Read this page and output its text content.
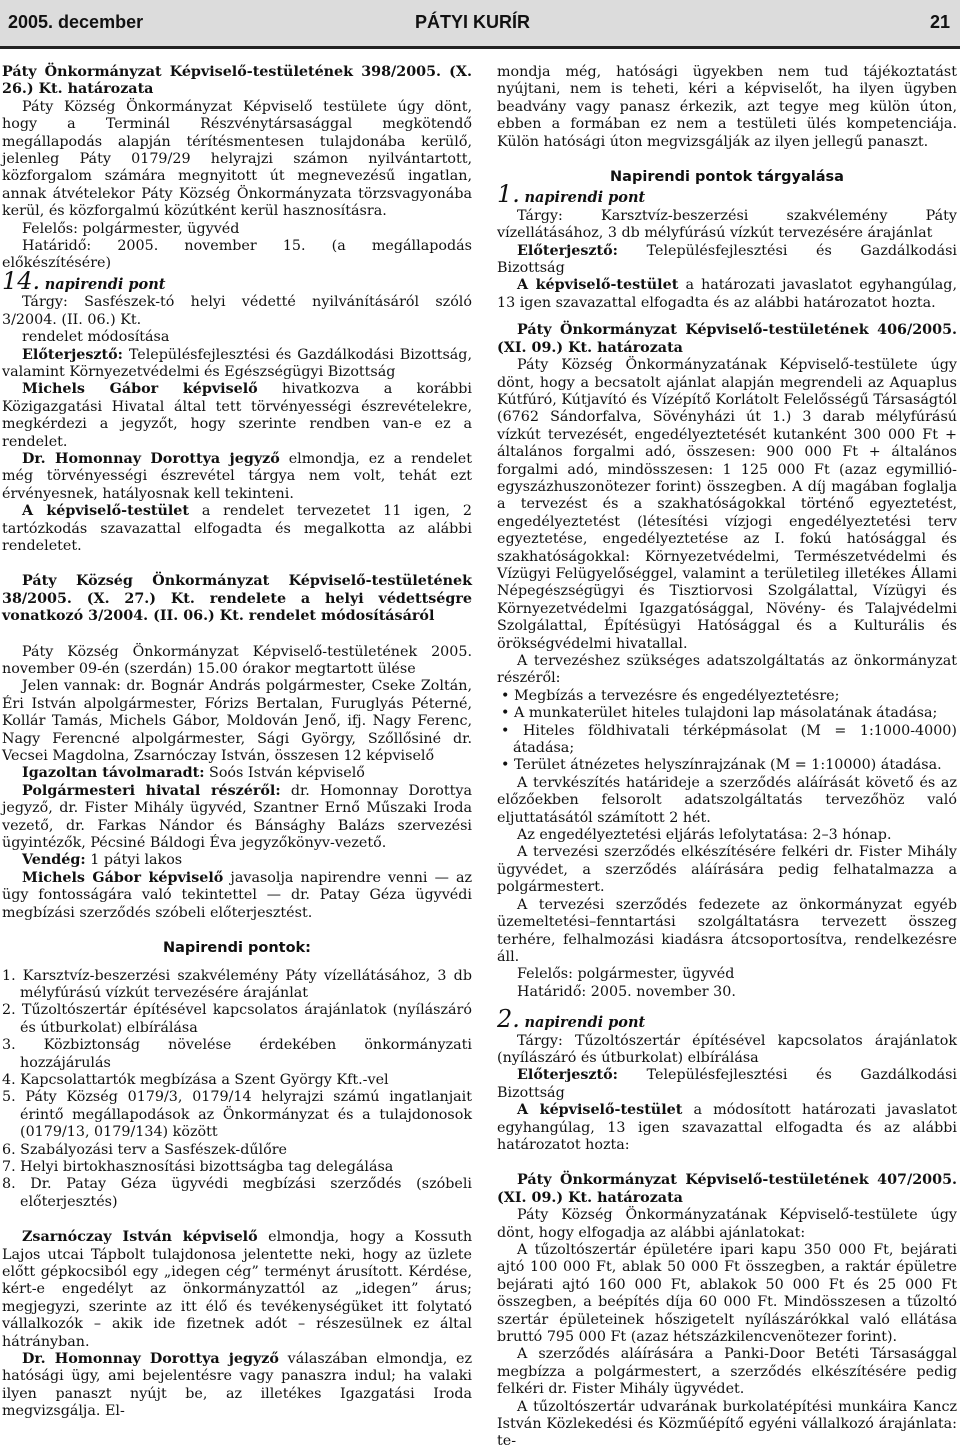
2005. december	PÁTYI KURÍR	21

Páty Önkormányzat Képviselő-testületének 398/2005. (X. 26.) Kt. határozata

Páty Község Önkormányzat Képviselő testülete úgy dönt, hogy a Terminál Részvénytársasággal megkötendő megállapodás alapján térítésmentesen tulajdonába kerülő, jelenleg Páty 0179/29 helyrajzi számon nyilvántartott, közforgalom számára megnyitott út megnevezésű ingatlan, annak átvételekor Páty Község Önkormányzata törzsvagyonába kerül, és közforgalmú közútként kerül hasznosításra.

Felelős: polgármester, ügyvéd

Határidő: 2005. november 15. (a megállapodás előkészítésére)

14. napirendi pont

Tárgy: Sasfészek-tó helyi védetté nyilvánításáról szóló 3/2004. (II. 06.) Kt.

rendelet módosítása

Előterjesztő: Településfejlesztési és Gazdálkodási Bizottság, valamint Környezetvédelmi és Egészségügyi Bizottság

Michels Gábor képviselő hivatkozva a korábbi Közigazgatási Hivatal által tett törvényességi észrevételekre, megkérdezi a jegyzőt, hogy szerinte rendben van-e ez a rendelet.

Dr. Homonnay Dorottya jegyző elmondja, ez a rendelet még törvényességi észrevétel tárgya nem volt, tehát ezt érvényesnek, hatályosnak kell tekinteni.

A képviselő-testület a rendelet tervezetet 11 igen, 2 tartózkodás szavazattal elfogadta és megalkotta az alábbi rendeletet.

Páty Község Önkormányzat Képviselő-testületének 38/2005. (X. 27.) Kt. rendelete a helyi védettségre vonatkozó 3/2004. (II. 06.) Kt. rendelet módosításáról

Páty Község Önkormányzat Képviselő-testületének 2005. november 09-én (szerdán) 15.00 órakor megtartott ülése

Jelen vannak: dr. Bognár András polgármester, Cseke Zoltán, Éri István alpolgármester, Fórizs Bertalan, Furuglyás Péterné, Kollár Tamás, Michels Gábor, Moldován Jenő, ifj. Nagy Ferenc, Nagy Ferencné alpolgármester, Sági György, Szőllősiné dr. Vecsei Magdolna, Zsarnóczay István, összesen 12 képviselő

Igazoltan távolmaradt: Soós István képviselő

Polgármesteri hivatal részéről: dr. Homonnay Dorottya jegyző, dr. Fister Mihály ügyvéd, Szantner Ernő Műszaki Iroda vezető, dr. Farkas Nándor és Bánsághy Balázs szervezési ügyintézők, Pécsiné Báldogi Éva jegyzőkönyv-vezető.

Vendég: 1 pátyi lakos

Michels Gábor képviselő javasolja napirendre venni — az ügy fontosságára való tekintettel — dr. Patay Géza ügyvédi megbízási szerződés szóbeli előterjesztést.

Napirendi pontok:

1. Karsztvíz-beszerzési szakvélemény Páty vízellátásához, 3 db mélyfúrású vízkút tervezésére árajánlat
2. Tűzoltószertár építésével kapcsolatos árajánlatok (nyílászáró és útburkolat) elbírálása
3. Közbiztonság növelése érdekében önkormányzati hozzájárulás
4. Kapcsolattartók megbízása a Szent György Kft.-vel
5. Páty Község 0179/3, 0179/14 helyrajzi számú ingatlanjait érintő megállapodások az Önkormányzat és a tulajdonosok (0179/13, 0179/134) között
6. Szabályozási terv a Sasfészek-dűlőre
7. Helyi birtokhasznosítási bizottságba tag delegálása
8. Dr. Patay Géza ügyvédi megbízási szerződés (szóbeli előterjesztés)

Zsarnóczay István képviselő elmondja, hogy a Kossuth Lajos utcai Tápbolt tulajdonosa jelentette neki, hogy az üzlete előtt gépkocsiból egy „idegen cég” terményt árusított. Kérdése, kért-e engedélyt az önkormányzattól az „idegen” árus; megjegyzi, szerinte az itt élő és tevékenységüket itt folytató vállalkozók – akik ide fizetnek adót – részesülnek ez által hátrányban.

Dr. Homonnay Dorottya jegyző válaszában elmondja, ez hatósági ügy, ami bejelentésre vagy panaszra indul; ha valaki ilyen panaszt nyújt be, az illetékes Igazgatási Iroda megvizsgálja. El-

mondja még, hatósági ügyekben nem tud tájékoztatást nyújtani, nem is teheti, kéri a képviselőt, ha ilyen ügyben beadvány vagy panasz érkezik, azt tegye meg külön úton, ebben a formában ez nem a testületi ülés kompetenciája. Külön hatósági úton megvizsgálják az ilyen jellegű panaszt.

Napirendi pontok tárgyalása

1. napirendi pont

Tárgy: Karsztvíz-beszerzési szakvélemény Páty vízellátásához, 3 db mélyfúrású vízkút tervezésére árajánlat

Előterjesztő: Településfejlesztési és Gazdálkodási Bizottság

A képviselő-testület a határozati javaslatot egyhangúlag, 13 igen szavazattal elfogadta és az alábbi határozatot hozta.

Páty Önkormányzat Képviselő-testületének 406/2005. (XI. 09.) Kt. határozata

Páty Község Önkormányzatának Képviselő-testülete úgy dönt, hogy a becsatolt ajánlat alapján megrendeli az Aquaplus Kútfúró, Kútjavító és Vízépítő Korlátolt Felelősségű Társaságtól (6762 Sándorfalva, Sövényházi út 1.) 3 darab mélyfúrású vízkút tervezését, engedélyeztetését kutanként 300 000 Ft + általános forgalmi adó, összesen: 900 000 Ft + általános forgalmi adó, mindösszesen: 1 125 000 Ft (azaz egymillió-egyszázhuszonötezer forint) összegben. A díj magában foglalja a tervezést és a szakhatóságokkal történő egyeztetést, engedélyeztetést (létesítési vízjogi engedélyeztetési terv egyeztetése, engedélyeztetése az I. fokú hatósággal és szakhatóságokkal: Környezetvédelmi, Természetvédelmi és Vízügyi Felügyelőséggel, valamint a területileg illetékes Állami Népegészségügyi és Tisztiorvosi Szolgálattal, Vízügyi és Környezetvédelmi Igazgatósággal, Növény- és Talajvédelmi Szolgálattal, Építésügyi Hatósággal és a Kulturális és örökségvédelmi hivatallal.

A tervezéshez szükséges adatszolgáltatás az önkormányzat részéről:

• Megbízás a tervezésre és engedélyeztetésre;
• A munkaterület hiteles tulajdoni lap másolatának átadása;
• Hiteles földhivatali térképmásolat (M = 1:1000-4000) átadása;
• Terület átnézetes helyszínrajzának (M = 1:10000) átadása.

A tervkészítés határideje a szerződés aláírását követő és az előzőekben felsorolt adatszolgáltatás tervezőhöz való eljuttatásától számított 2 hét.

Az engedélyeztetési eljárás lefolytatása: 2–3 hónap.

A tervezési szerződés elkészítésére felkéri dr. Fister Mihály ügyvédet, a szerződés aláírására pedig felhatalmazza a polgármestert.

A tervezési szerződés fedezete az önkormányzat egyéb üzemeltetési–fenntartási szolgáltatásra tervezett összeg terhére, felhalmozási kiadásra átcsoportosítva, rendelkezésre áll.

Felelős: polgármester, ügyvéd

Határidő: 2005. november 30.

2. napirendi pont

Tárgy: Tűzoltószertár építésével kapcsolatos árajánlatok (nyílászáró és útburkolat) elbírálása

Előterjesztő: Településfejlesztési és Gazdálkodási Bizottság

A képviselő-testület a módosított határozati javaslatot egyhangúlag, 13 igen szavazattal elfogadta és az alábbi határozatot hozta:

Páty Önkormányzat Képviselő-testületének 407/2005. (XI. 09.) Kt. határozata

Páty Község Önkormányzatának Képviselő-testülete úgy dönt, hogy elfogadja az alábbi ajánlatokat:

A tűzoltószertár épületére ipari kapu 350 000 Ft, bejárati ajtó 100 000 Ft, ablak 50 000 Ft összegben, a raktár épületre bejárati ajtó 160 000 Ft, ablakok 50 000 Ft és 25 000 Ft összegben, a beépítés díja 60 000 Ft. Mindösszesen a tűzoltó szertár épületeinek hőszigetelt nyílászárókkal való ellátása bruttó 795 000 Ft (azaz hétszázkilencvenötezer forint).

A szerződés aláírására a Panki-Door Betéti Társasággal megbízza a polgármestert, a szerződés elkészítésére pedig felkéri dr. Fister Mihály ügyvédet.

A tűzoltószertár udvarának burkolatépítési munkáira Kancz István Közlekedési és Közműépítő egyéni vállalkozó árajánlata: te-
